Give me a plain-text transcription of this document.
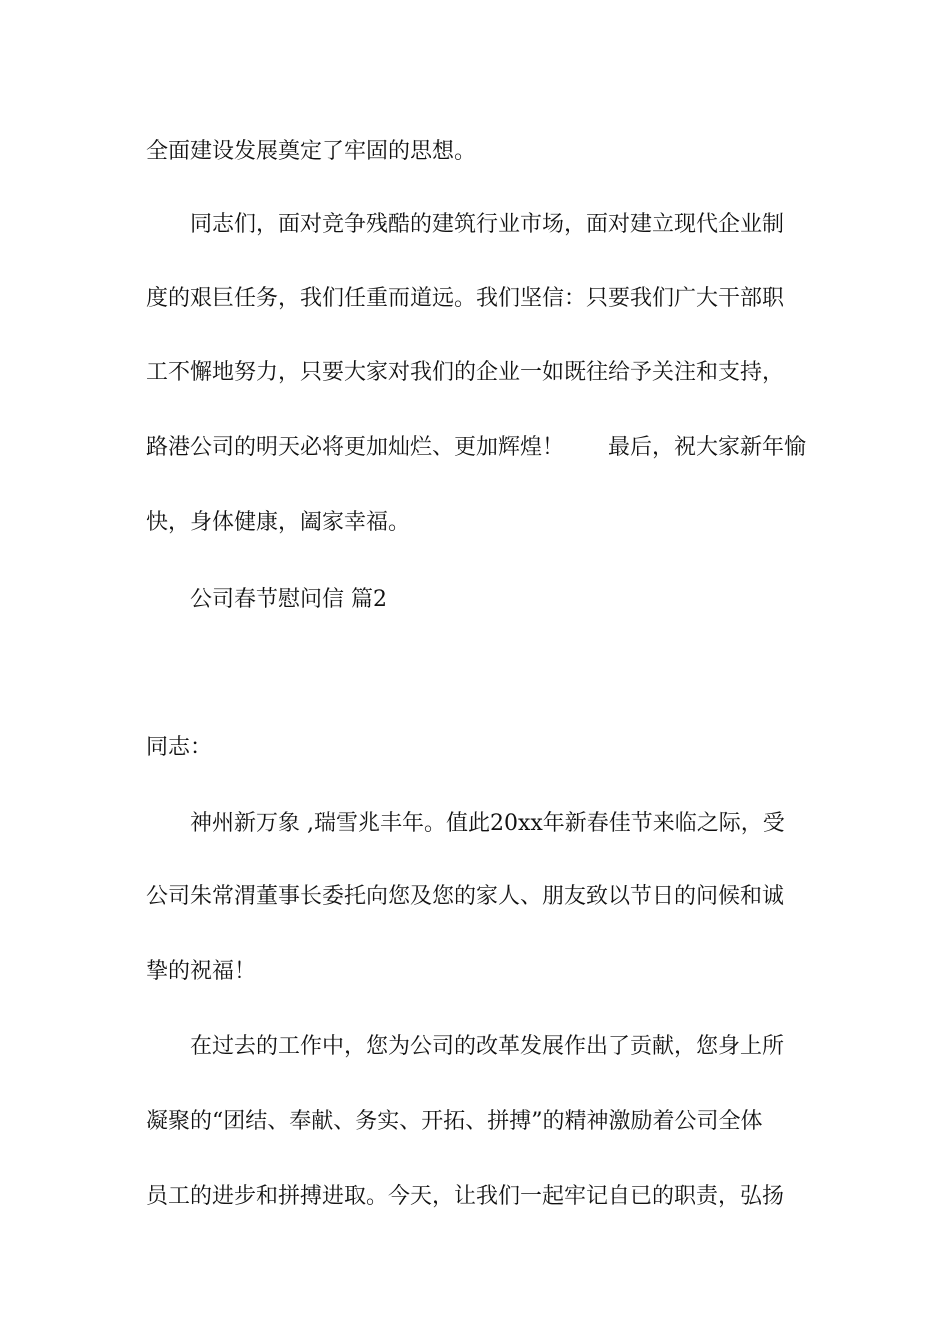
全面建设发展奠定了牢固的思想。
同志们，面对竞争残酷的建筑行业市场，面对建立现代企业制
度的艰巨任务，我们任重而道远。我们坚信：只要我们广大干部职
工不懈地努力，只要大家对我们的企业一如既往给予关注和支持，
路港公司的明天必将更加灿烂、更加辉煌！　　最后，祝大家新年愉
快，身体健康，阖家幸福。
公司春节慰问信 篇2
同志：
神州新万象 ,瑞雪兆丰年。值此20xx年新春佳节来临之际，受
公司朱常渭董事长委托向您及您的家人、朋友致以节日的问候和诚
挚的祝福！
在过去的工作中，您为公司的改革发展作出了贡献，您身上所
凝聚的“团结、奉献、务实、开拓、拼搏”的精神激励着公司全体
员工的进步和拼搏进取。今天，让我们一起牢记自已的职责，弘扬
